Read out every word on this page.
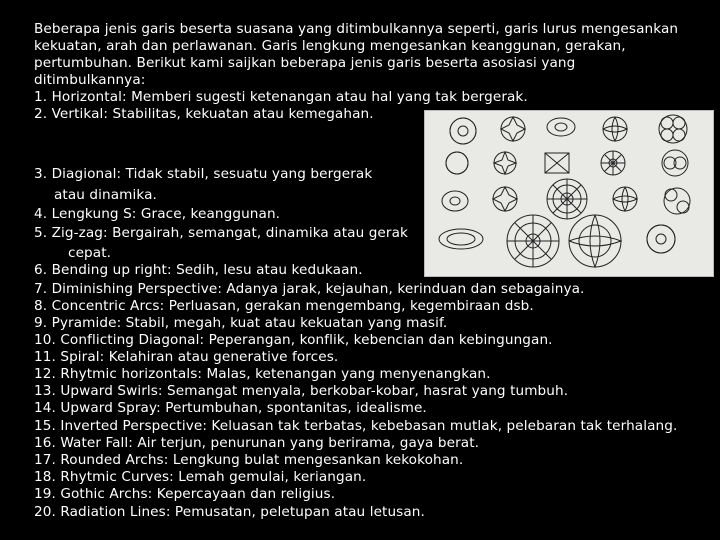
Beberapa jenis garis beserta suasana yang ditimbulkannya seperti, garis lurus mengesankan
kekuatan, arah dan perlawanan. Garis lengkung mengesankan keanggunan, gerakan,
pertumbuhan. Berikut kami saijkan beberapa jenis garis beserta asosiasi yang
ditimbulkannya:
1. Horizontal: Memberi sugesti ketenangan atau hal yang tak bergerak.
2. Vertikal: Stabilitas, kekuatan atau kemegahan.
3. Diagional: Tidak stabil, sesuatu yang bergerak
atau dinamika.
4. Lengkung S: Grace, keanggunan.
5. Zig-zag: Bergairah, semangat, dinamika atau gerak
cepat.
6. Bending up right: Sedih, lesu atau kedukaan.
7. Diminishing Perspective: Adanya jarak, kejauhan, kerinduan dan sebagainya.
8. Concentric Arcs: Perluasan, gerakan mengembang, kegembiraan dsb.
9. Pyramide: Stabil, megah, kuat atau kekuatan yang masif.
10. Conflicting Diagonal: Peperangan, konflik, kebencian dan kebingungan.
11. Spiral: Kelahiran atau generative forces.
12. Rhytmic horizontals: Malas, ketenangan yang menyenangkan.
13. Upward Swirls: Semangat menyala, berkobar-kobar, hasrat yang tumbuh.
14. Upward Spray: Pertumbuhan, spontanitas, idealisme.
15. Inverted Perspective: Keluasan tak terbatas, kebebasan mutlak, pelebaran tak terhalang.
16. Water Fall: Air terjun, penurunan yang berirama, gaya berat.
17. Rounded Archs: Lengkung bulat mengesankan kekokohan.
18. Rhytmic Curves: Lemah gemulai, keriangan.
19. Gothic Archs: Kepercayaan dan religius.
20. Radiation Lines: Pemusatan, peletupan atau letusan.
